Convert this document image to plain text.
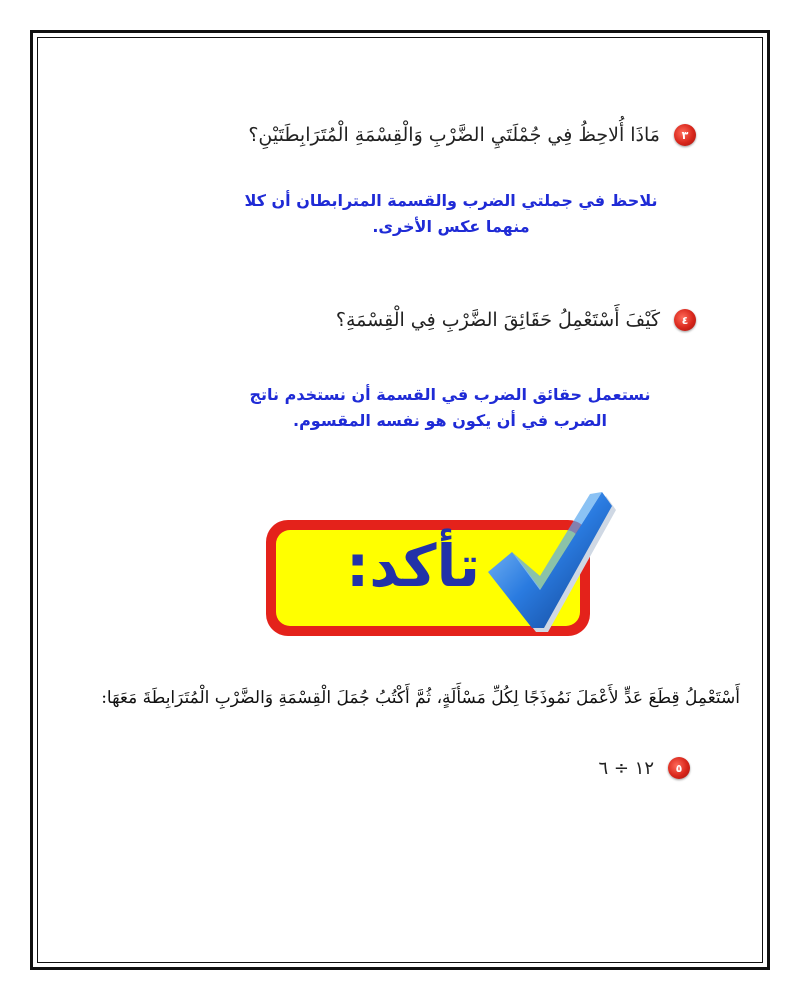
٣
مَاذَا أُلاحِظُ فِي جُمْلَتَيِ الضَّرْبِ وَالْقِسْمَةِ الْمُتَرَابِطَتَيْنِ؟
نلاحظ في جملتي الضرب والقسمة المترابطان أن كلا
منهما عكس الأخرى.
٤
كَيْفَ أَسْتَعْمِلُ حَقَائِقَ الضَّرْبِ فِي الْقِسْمَةِ؟
نستعمل حقائق الضرب في القسمة أن نستخدم ناتج
الضرب في أن يكون هو نفسه المقسوم.
تأكد:
أَسْتَعْمِلُ قِطَعَ عَدٍّ لأَعْمَلَ نَمُوذَجًا لِكُلِّ مَسْأَلَةٍ، ثُمَّ أَكْتُبُ جُمَلَ الْقِسْمَةِ وَالضَّرْبِ الْمُتَرَابِطَةَ مَعَهَا:
٥
١٢ ÷ ٦
